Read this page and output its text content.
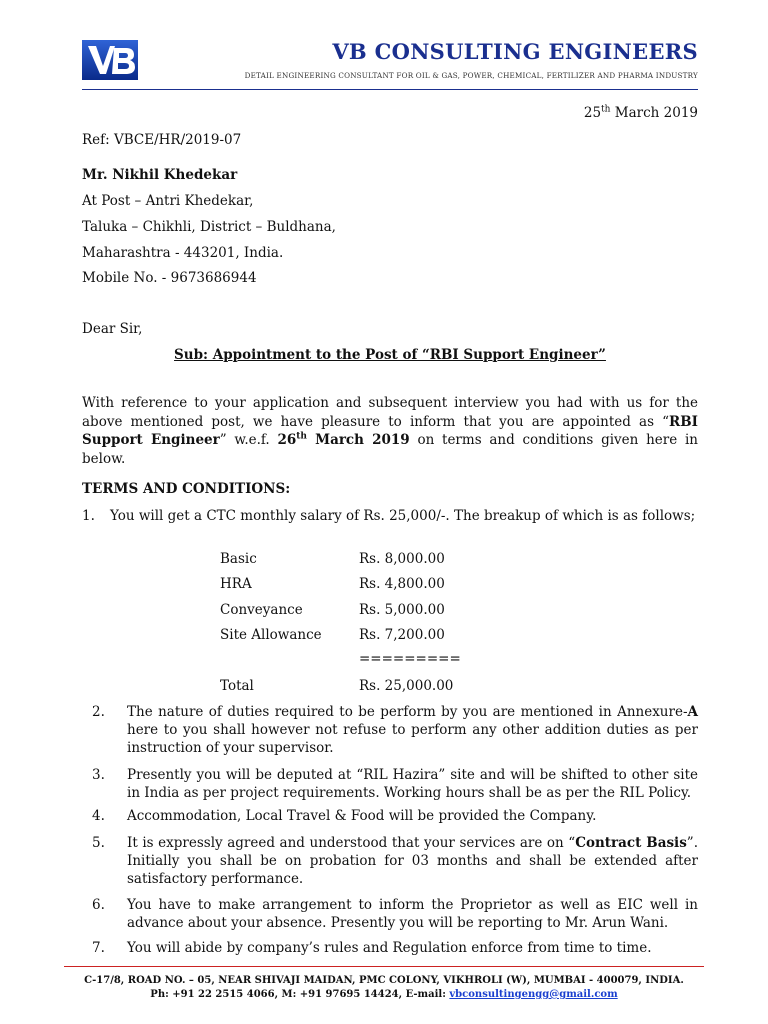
VB CONSULTING ENGINEERS
DETAIL ENGINEERING CONSULTANT FOR OIL & GAS, POWER, CHEMICAL, FERTILIZER AND PHARMA INDUSTRY
25th March 2019
Ref: VBCE/HR/2019-07
Mr. Nikhil Khedekar
At Post – Antri Khedekar,
Taluka – Chikhli, District – Buldhana,
Maharashtra - 443201, India.
Mobile No. - 9673686944
Dear Sir,
Sub: Appointment to the Post of “RBI Support Engineer”
With reference to your application and subsequent interview you had with us for the above mentioned post, we have pleasure to inform that you are appointed as “RBI Support Engineer” w.e.f. 26th March 2019 on terms and conditions given here in below.
TERMS AND CONDITIONS:
1. You will get a CTC monthly salary of Rs. 25,000/-. The breakup of which is as follows;
Basic	Rs. 8,000.00
HRA	Rs. 4,800.00
Conveyance	Rs. 5,000.00
Site Allowance	Rs. 7,200.00
=========
Total	Rs. 25,000.00
2. The nature of duties required to be perform by you are mentioned in Annexure-A here to you shall however not refuse to perform any other addition duties as per instruction of your supervisor.
3. Presently you will be deputed at “RIL Hazira” site and will be shifted to other site in India as per project requirements. Working hours shall be as per the RIL Policy.
4. Accommodation, Local Travel & Food will be provided the Company.
5. It is expressly agreed and understood that your services are on “Contract Basis”. Initially you shall be on probation for 03 months and shall be extended after satisfactory performance.
6. You have to make arrangement to inform the Proprietor as well as EIC well in advance about your absence. Presently you will be reporting to Mr. Arun Wani.
7. You will abide by company’s rules and Regulation enforce from time to time.
C-17/8, ROAD NO. – 05, NEAR SHIVAJI MAIDAN, PMC COLONY, VIKHROLI (W), MUMBAI - 400079, INDIA.
Ph: +91 22 2515 4066, M: +91 97695 14424, E-mail: vbconsultingengg@gmail.com
